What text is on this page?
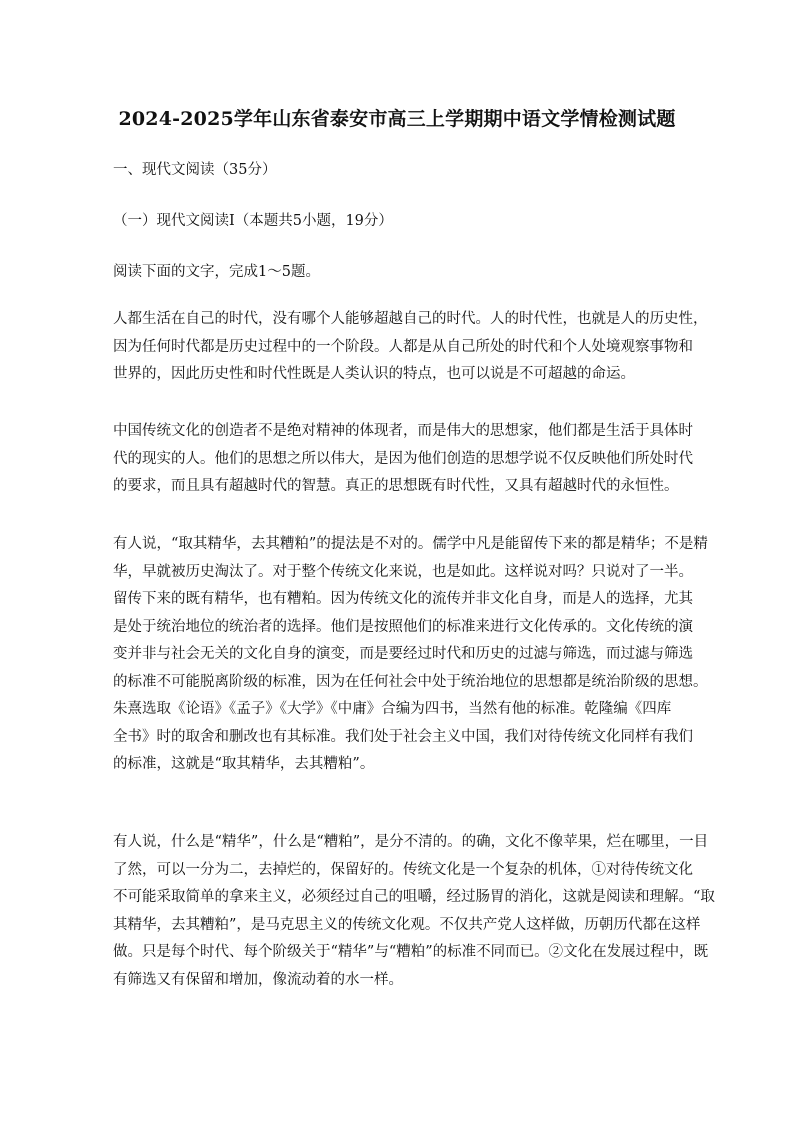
2024-2025学年山东省泰安市高三上学期期中语文学情检测试题
一、现代文阅读（35分）
（一）现代文阅读Ⅰ（本题共5小题，19分）
阅读下面的文字，完成1～5题。
人都生活在自己的时代，没有哪个人能够超越自己的时代。人的时代性，也就是人的历史性，
因为任何时代都是历史过程中的一个阶段。人都是从自己所处的时代和个人处境观察事物和
世界的，因此历史性和时代性既是人类认识的特点，也可以说是不可超越的命运。
中国传统文化的创造者不是绝对精神的体现者，而是伟大的思想家，他们都是生活于具体时
代的现实的人。他们的思想之所以伟大，是因为他们创造的思想学说不仅反映他们所处时代
的要求，而且具有超越时代的智慧。真正的思想既有时代性，又具有超越时代的永恒性。
有人说，“取其精华，去其糟粕”的提法是不对的。儒学中凡是能留传下来的都是精华；不是精
华，早就被历史淘汰了。对于整个传统文化来说，也是如此。这样说对吗？只说对了一半。
留传下来的既有精华，也有糟粕。因为传统文化的流传并非文化自身，而是人的选择，尤其
是处于统治地位的统治者的选择。他们是按照他们的标准来进行文化传承的。文化传统的演
变并非与社会无关的文化自身的演变，而是要经过时代和历史的过滤与筛选，而过滤与筛选
的标准不可能脱离阶级的标准，因为在任何社会中处于统治地位的思想都是统治阶级的思想。
朱熹选取《论语》《孟子》《大学》《中庸》合编为四书，当然有他的标准。乾隆编《四库
全书》时的取舍和删改也有其标准。我们处于社会主义中国，我们对待传统文化同样有我们
的标准，这就是“取其精华，去其糟粕”。
有人说，什么是“精华”，什么是“糟粕”，是分不清的。的确，文化不像苹果，烂在哪里，一目
了然，可以一分为二，去掉烂的，保留好的。传统文化是一个复杂的机体，①对待传统文化
不可能采取简单的拿来主义，必须经过自己的咀嚼，经过肠胃的消化，这就是阅读和理解。“取
其精华，去其糟粕”，是马克思主义的传统文化观。不仅共产党人这样做，历朝历代都在这样
做。只是每个时代、每个阶级关于“精华”与“糟粕”的标准不同而已。②文化在发展过程中，既
有筛选又有保留和增加，像流动着的水一样。
